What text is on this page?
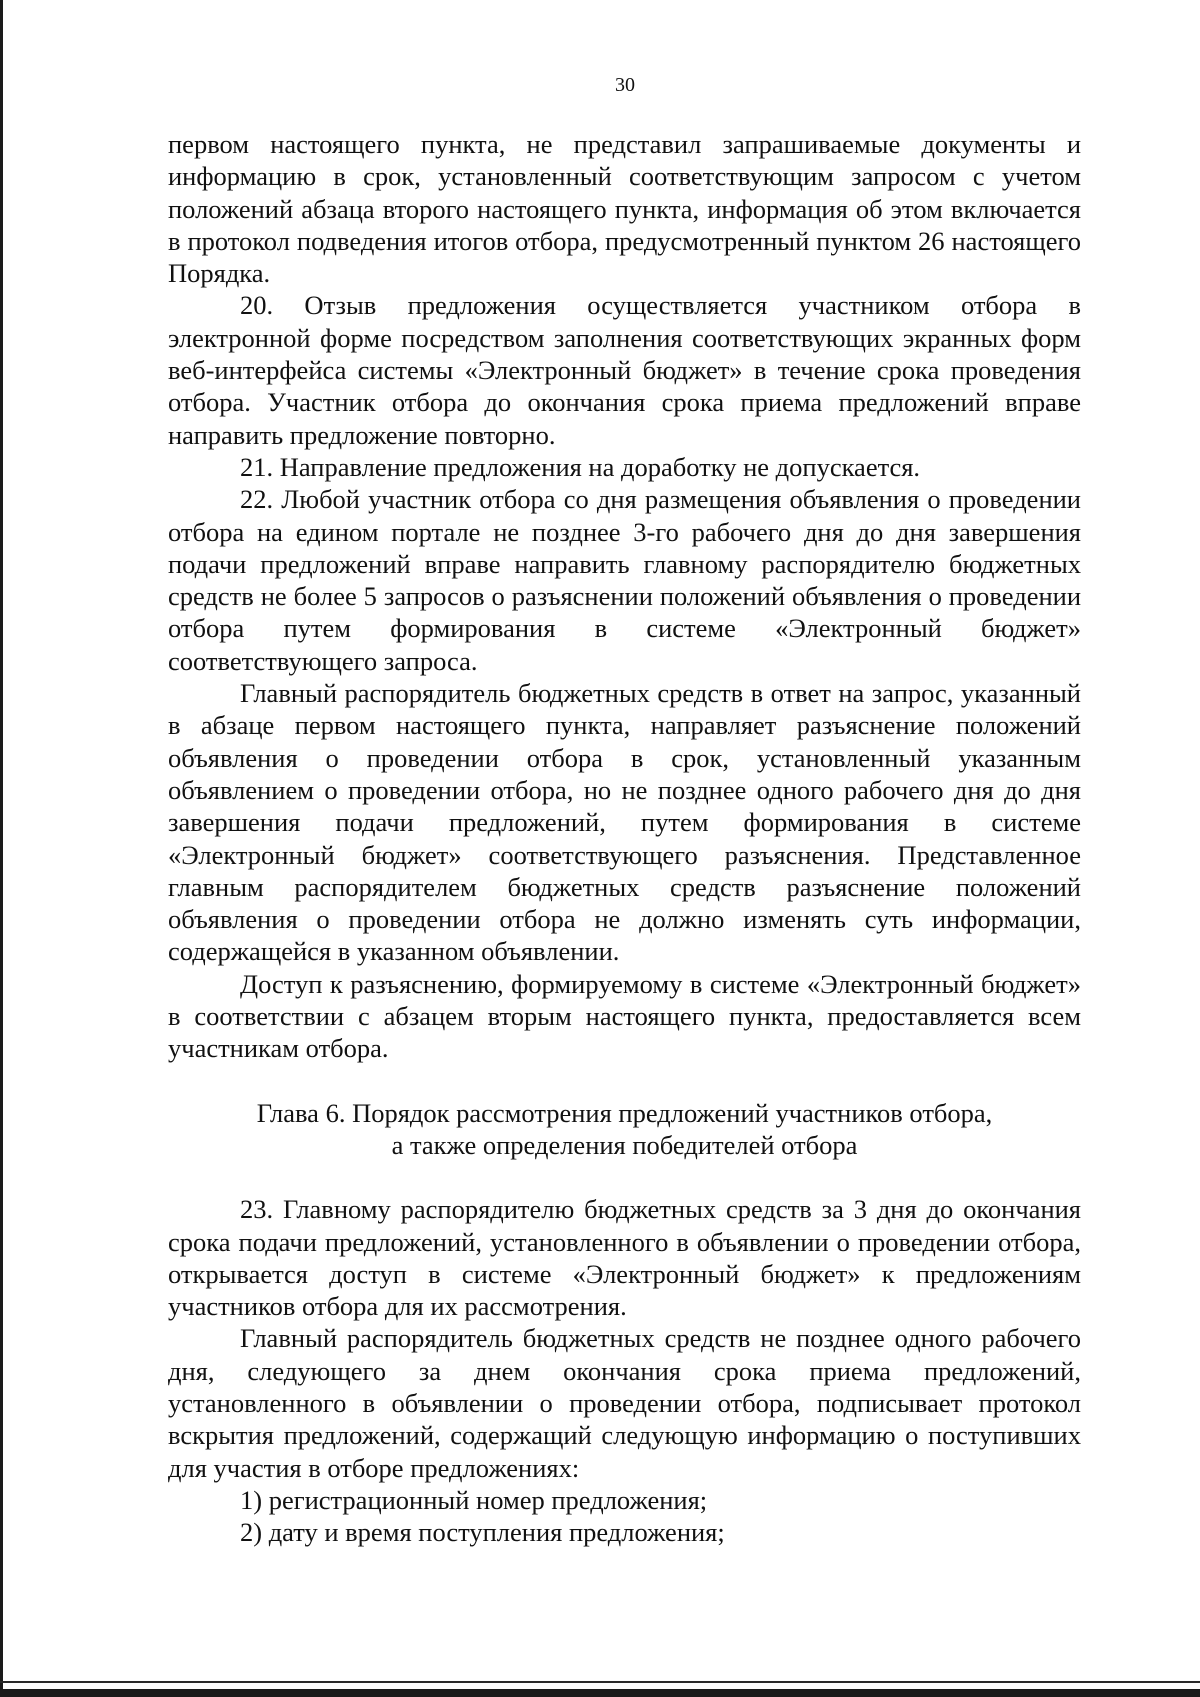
30

первом настоящего пункта, не представил запрашиваемые документы и информацию в срок, установленный соответствующим запросом с учетом положений абзаца второго настоящего пункта, информация об этом включается в протокол подведения итогов отбора, предусмотренный пунктом 26 настоящего Порядка.

20. Отзыв предложения осуществляется участником отбора в электронной форме посредством заполнения соответствующих экранных форм веб-интерфейса системы «Электронный бюджет» в течение срока проведения отбора. Участник отбора до окончания срока приема предложений вправе направить предложение повторно.

21. Направление предложения на доработку не допускается.

22. Любой участник отбора со дня размещения объявления о проведении отбора на едином портале не позднее 3-го рабочего дня до дня завершения подачи предложений вправе направить главному распорядителю бюджетных средств не более 5 запросов о разъяснении положений объявления о проведении отбора путем формирования в системе «Электронный бюджет» соответствующего запроса.

Главный распорядитель бюджетных средств в ответ на запрос, указанный в абзаце первом настоящего пункта, направляет разъяснение положений объявления о проведении отбора в срок, установленный указанным объявлением о проведении отбора, но не позднее одного рабочего дня до дня завершения подачи предложений, путем формирования в системе «Электронный бюджет» соответствующего разъяснения. Представленное главным распорядителем бюджетных средств разъяснение положений объявления о проведении отбора не должно изменять суть информации, содержащейся в указанном объявлении.

Доступ к разъяснению, формируемому в системе «Электронный бюджет» в соответствии с абзацем вторым настоящего пункта, предоставляется всем участникам отбора.

Глава 6. Порядок рассмотрения предложений участников отбора,
а также определения победителей отбора

23. Главному распорядителю бюджетных средств за 3 дня до окончания срока подачи предложений, установленного в объявлении о проведении отбора, открывается доступ в системе «Электронный бюджет» к предложениям участников отбора для их рассмотрения.

Главный распорядитель бюджетных средств не позднее одного рабочего дня, следующего за днем окончания срока приема предложений, установленного в объявлении о проведении отбора, подписывает протокол вскрытия предложений, содержащий следующую информацию о поступивших для участия в отборе предложениях:

1) регистрационный номер предложения;

2) дату и время поступления предложения;
